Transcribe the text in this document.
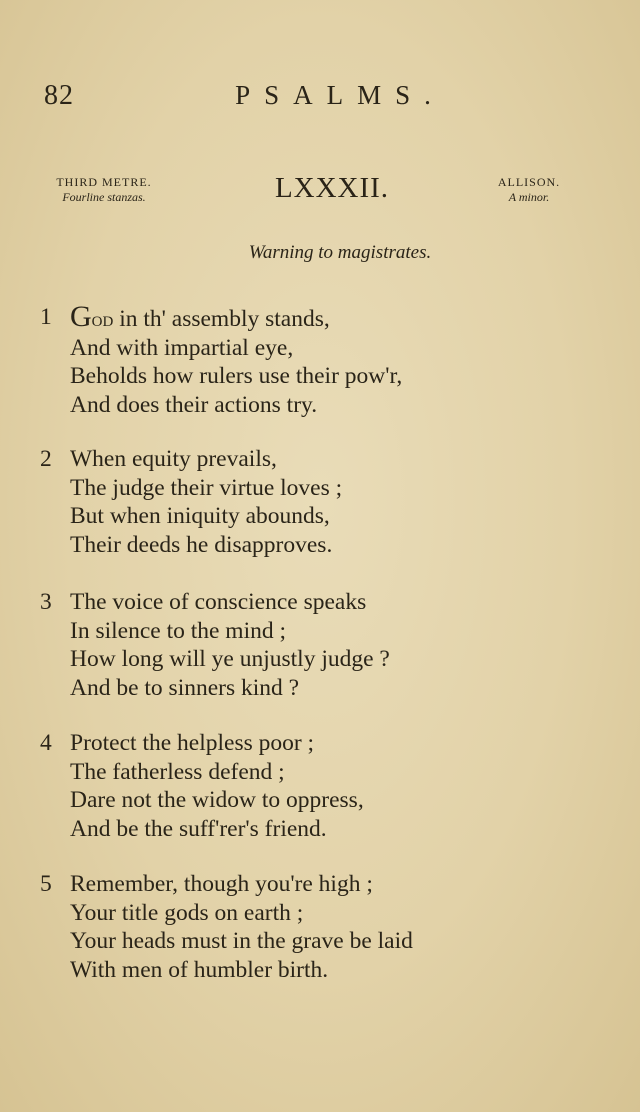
82	PSALMS.
THIRD METRE.
Fourline stanzas.	LXXXII.	ALLISON.
A minor.
Warning to magistrates.
1 God in th' assembly stands,
And with impartial eye,
Beholds how rulers use their pow'r,
And does their actions try.
2 When equity prevails,
The judge their virtue loves ;
But when iniquity abounds,
Their deeds he disapproves.
3 The voice of conscience speaks
In silence to the mind ;
How long will ye unjustly judge ?
And be to sinners kind ?
4 Protect the helpless poor ;
The fatherless defend ;
Dare not the widow to oppress,
And be the suff'rer's friend.
5 Remember, though you're high ;
Your title gods on earth ;
Your heads must in the grave be laid
With men of humbler birth.
